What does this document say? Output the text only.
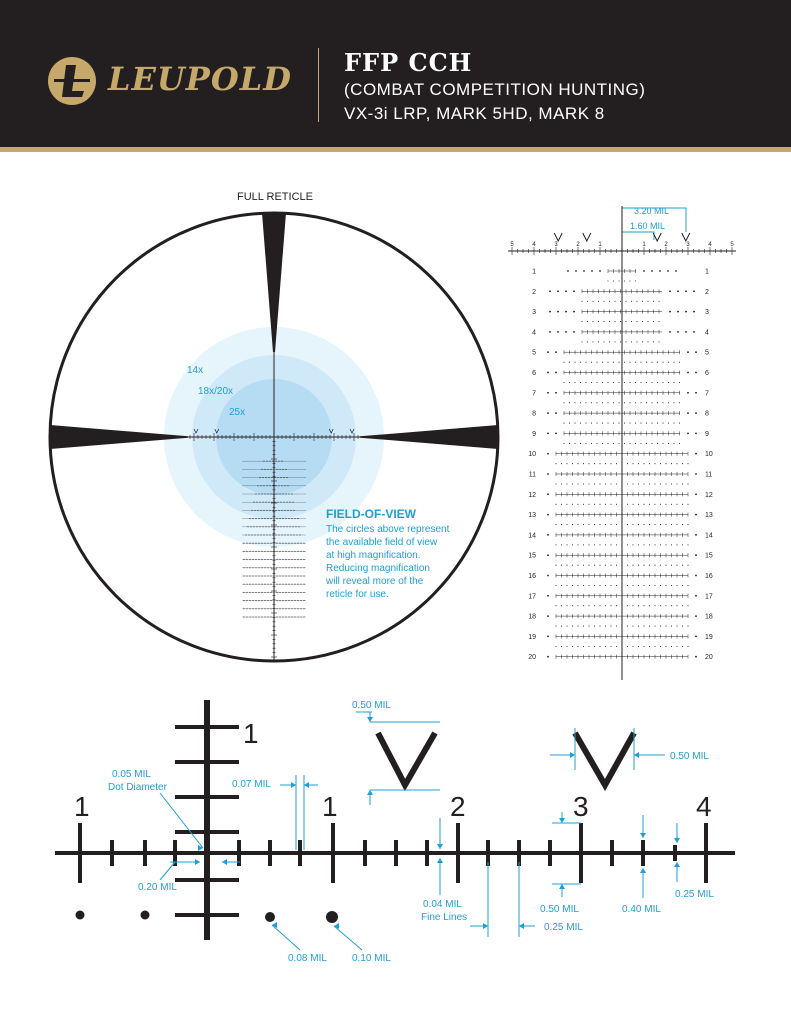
LEUPOLD FFP CCH
(COMBAT COMPETITION HUNTING)
VX-3i LRP, MARK 5HD, MARK 8
FULL RETICLE
14x
18x/20x
25x
FIELD-OF-VIEW
The circles above represent
the available field of view
at high magnification.
Reducing magnification
will reveal more of the
reticle for use.
3.20 MIL
1.60 MIL
5	4	3	2	1	1	2	3	4	5
1	1
2	2
3	3
4	4
5	5
6	6
7	7
8	8
9	9
10	10
11	11
12	12
13	13
14	14
15	15
16	16
17	17
18	18
19	19
20	20
1
1	1	2	3	4
0.50 MIL
0.50 MIL
0.05 MIL
Dot Diameter	0.07 MIL
0.20 MIL
0.04 MIL
Fine Lines
0.50 MIL	0.40 MIL
0.25 MIL
0.25 MIL
0.08 MIL	0.10 MIL
